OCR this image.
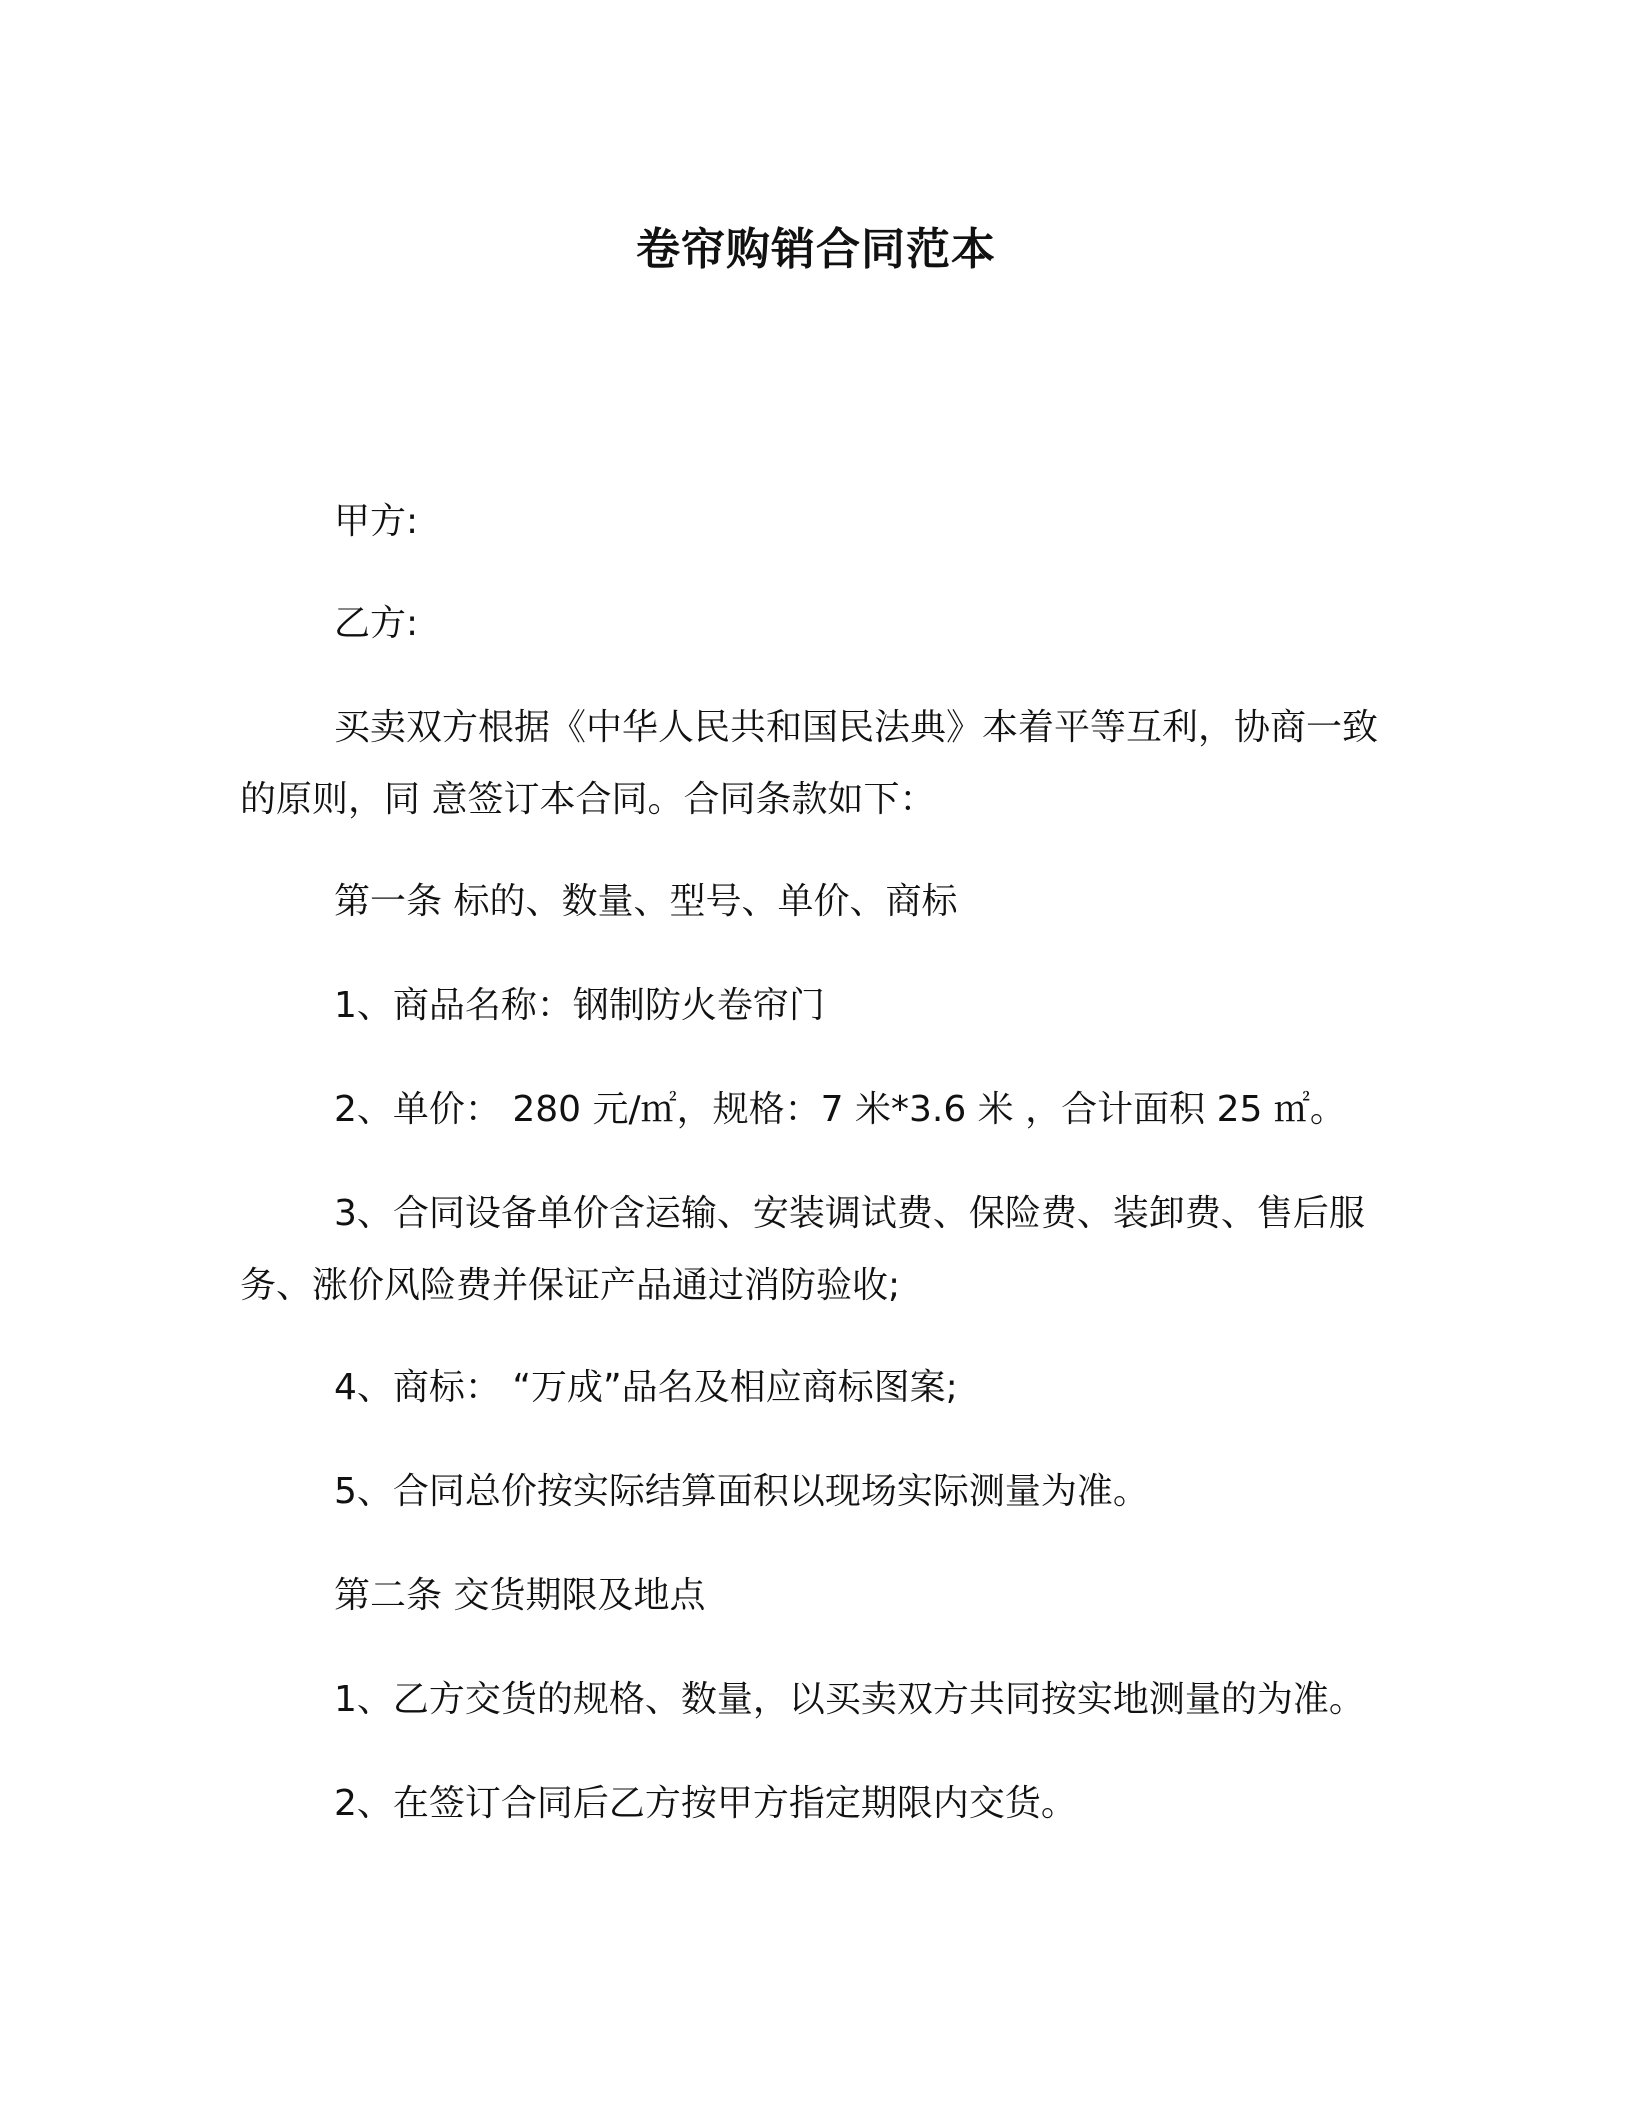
卷帘购销合同范本

甲方:

乙方:

买卖双方根据《中华人民共和国民法典》本着平等互利，协商一致的原则，同 意签订本合同。合同条款如下：

第一条 标的、数量、型号、单价、商标

1、商品名称：钢制防火卷帘门

2、单价： 280 元/㎡，规格：7 米*3.6 米 ，合计面积 25 ㎡。

3、合同设备单价含运输、安装调试费、保险费、装卸费、售后服务、涨价风险费并保证产品通过消防验收;

4、商标： “万成”品名及相应商标图案;

5、合同总价按实际结算面积以现场实际测量为准。

第二条 交货期限及地点

1、乙方交货的规格、数量，以买卖双方共同按实地测量的为准。

2、在签订合同后乙方按甲方指定期限内交货。
